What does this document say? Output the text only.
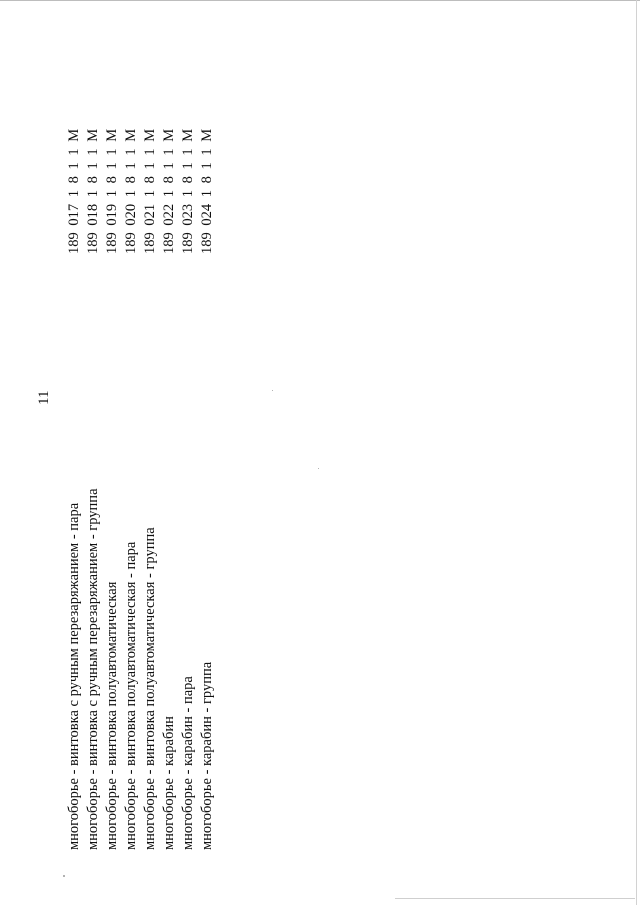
11
многоборье - винтовка с ручным перезаряжанием - пара
189 017 1 8 1 1 М
многоборье - винтовка с ручным перезаряжанием - группа
189 018 1 8 1 1 М
многоборье - винтовка полуавтоматическая
189 019 1 8 1 1 М
многоборье - винтовка полуавтоматическая - пара
189 020 1 8 1 1 М
многоборье - винтовка полуавтоматическая - группа
189 021 1 8 1 1 М
многоборье - карабин
189 022 1 8 1 1 М
многоборье - карабин - пара
189 023 1 8 1 1 М
многоборье - карабин - группа
189 024 1 8 1 1 М
